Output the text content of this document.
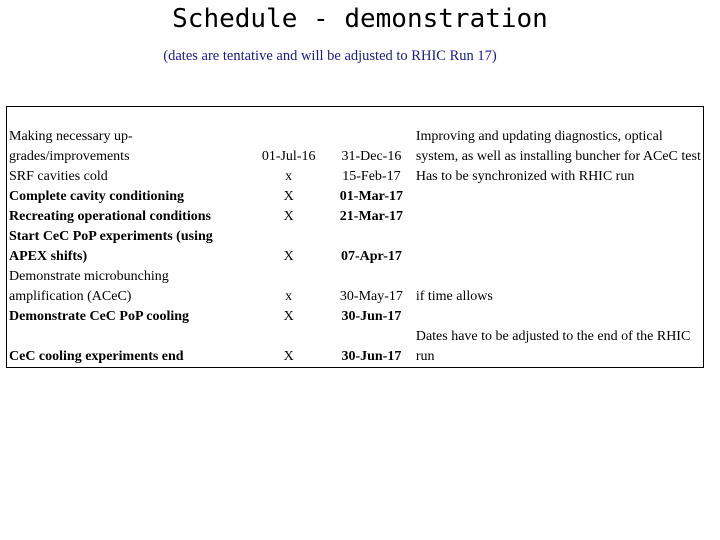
Schedule - demonstration
(dates are tentative and will be adjusted to RHIC Run 17)
Making necessary up-grades/improvements	01-Jul-16	31-Dec-16	Improving and updating diagnostics, optical system, as well as installing buncher for ACeC test
SRF cavities cold	x	15-Feb-17	Has to be synchronized with RHIC run
Complete cavity conditioning	X	01-Mar-17	
Recreating operational conditions	X	21-Mar-17	
Start CeC PoP experiments (using APEX shifts)	X	07-Apr-17	
Demonstrate microbunching amplification (ACeC)	x	30-May-17	if time allows
Demonstrate CeC PoP cooling	X	30-Jun-17	
CeC cooling experiments end	X	30-Jun-17	Dates have to be adjusted to the end of the RHIC run
